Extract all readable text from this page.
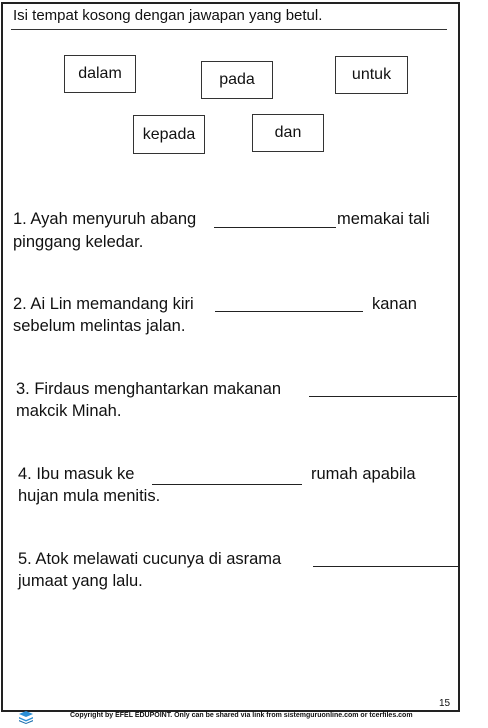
Isi tempat kosong dengan jawapan yang betul.
dalam	pada	untuk
kepada	dan
1. Ayah menyuruh abang	memakai tali
pinggang keledar.
2. Ai Lin memandang kiri	kanan
sebelum melintas jalan.
3. Firdaus menghantarkan makanan
makcik Minah.
4. Ibu masuk ke	rumah apabila
hujan mula menitis.
5. Atok melawati cucunya di asrama
jumaat yang lalu.
15
Copyright by EFEL EDUPOINT. Only can be shared via link from sistemguruonline.com or tcerfiles.com
